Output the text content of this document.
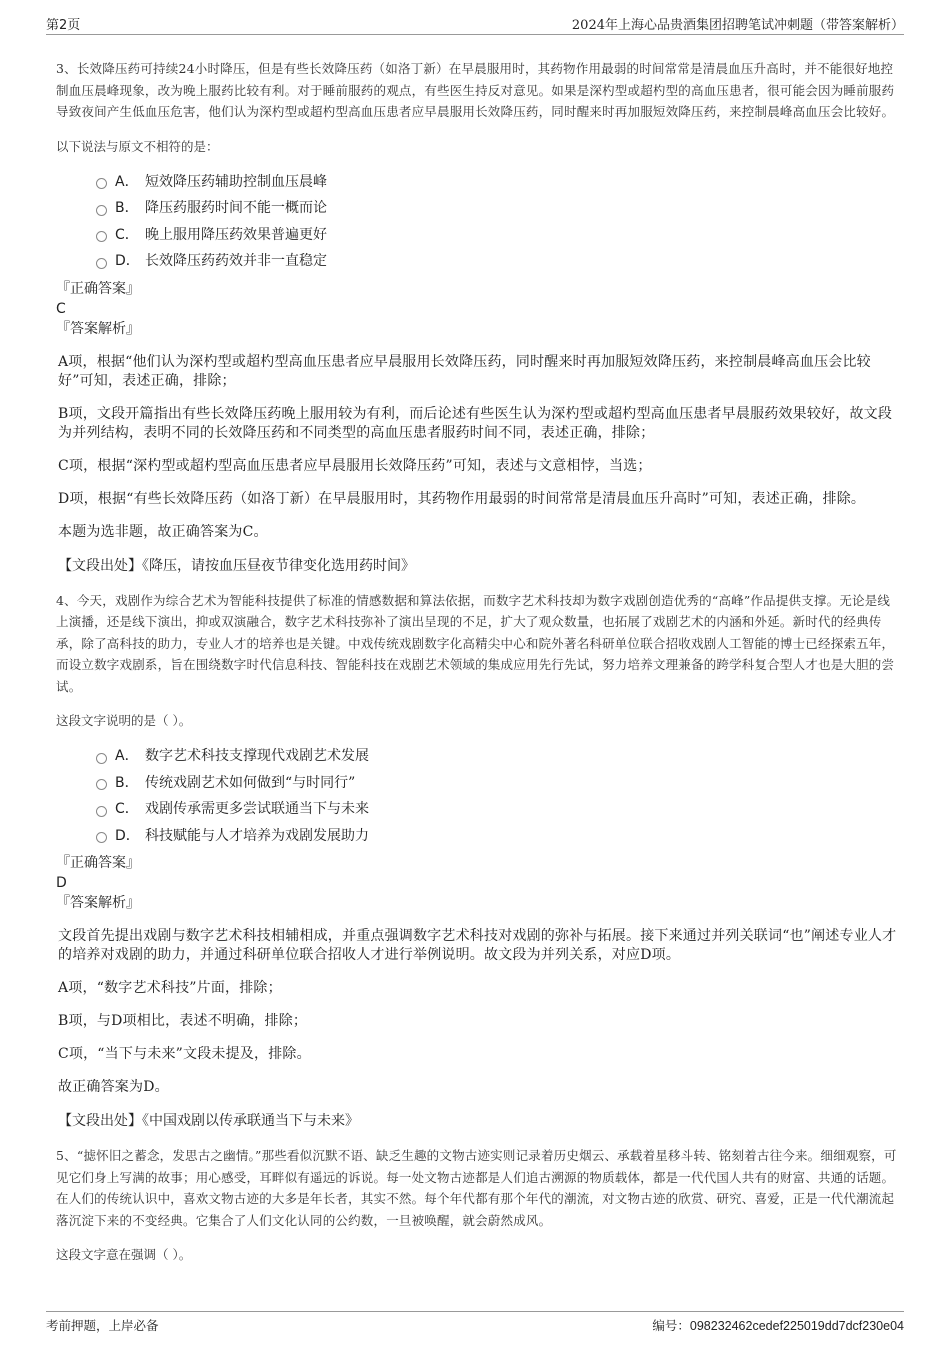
第2页	2024年上海心品贵酒集团招聘笔试冲刺题（带答案解析）

3、长效降压药可持续24小时降压，但是有些长效降压药（如洛丁新）在早晨服用时，其药物作用最弱的时间常常是清晨血压升高时，并不能很好地控制血压晨峰现象，改为晚上服药比较有利。对于睡前服药的观点，有些医生持反对意见。如果是深杓型或超杓型的高血压患者，很可能会因为睡前服药导致夜间产生低血压危害，他们认为深杓型或超杓型高血压患者应早晨服用长效降压药，同时醒来时再加服短效降压药，来控制晨峰高血压会比较好。

以下说法与原文不相符的是：

A． 短效降压药辅助控制血压晨峰
B． 降压药服药时间不能一概而论
C． 晚上服用降压药效果普遍更好
D． 长效降压药药效并非一直稳定

『正确答案』

C

『答案解析』

A项，根据“他们认为深杓型或超杓型高血压患者应早晨服用长效降压药，同时醒来时再加服短效降压药，来控制晨峰高血压会比较好”可知，表述正确，排除；

B项，文段开篇指出有些长效降压药晚上服用较为有利，而后论述有些医生认为深杓型或超杓型高血压患者早晨服药效果较好，故文段为并列结构，表明不同的长效降压药和不同类型的高血压患者服药时间不同，表述正确，排除；

C项，根据“深杓型或超杓型高血压患者应早晨服用长效降压药”可知，表述与文意相悖，当选；

D项，根据“有些长效降压药（如洛丁新）在早晨服用时，其药物作用最弱的时间常常是清晨血压升高时”可知，表述正确，排除。

本题为选非题，故正确答案为C。

【文段出处】《降压，请按血压昼夜节律变化选用药时间》

4、今天，戏剧作为综合艺术为智能科技提供了标准的情感数据和算法依据，而数字艺术科技却为数字戏剧创造优秀的“高峰”作品提供支撑。无论是线上演播，还是线下演出，抑或双演融合，数字艺术科技弥补了演出呈现的不足，扩大了观众数量，也拓展了戏剧艺术的内涵和外延。新时代的经典传承，除了高科技的助力，专业人才的培养也是关键。中戏传统戏剧数字化高精尖中心和院外著名科研单位联合招收戏剧人工智能的博士已经探索五年，而设立数字戏剧系，旨在围绕数字时代信息科技、智能科技在戏剧艺术领域的集成应用先行先试，努力培养文理兼备的跨学科复合型人才也是大胆的尝试。

这段文字说明的是（ ）。

A． 数字艺术科技支撑现代戏剧艺术发展
B． 传统戏剧艺术如何做到“与时同行”
C． 戏剧传承需更多尝试联通当下与未来
D． 科技赋能与人才培养为戏剧发展助力

『正确答案』

D

『答案解析』

文段首先提出戏剧与数字艺术科技相辅相成，并重点强调数字艺术科技对戏剧的弥补与拓展。接下来通过并列关联词“也”阐述专业人才的培养对戏剧的助力，并通过科研单位联合招收人才进行举例说明。故文段为并列关系，对应D项。

A项，“数字艺术科技”片面，排除；

B项，与D项相比，表述不明确，排除；

C项，“当下与未来”文段未提及，排除。

故正确答案为D。

【文段出处】《中国戏剧以传承联通当下与未来》

5、“摅怀旧之蓄念，发思古之幽情。”那些看似沉默不语、缺乏生趣的文物古迹实则记录着历史烟云、承载着星移斗转、铭刻着古往今来。细细观察，可见它们身上写满的故事；用心感受，耳畔似有遥远的诉说。每一处文物古迹都是人们追古溯源的物质载体，都是一代代国人共有的财富、共通的话题。在人们的传统认识中，喜欢文物古迹的大多是年长者，其实不然。每个年代都有那个年代的潮流，对文物古迹的欣赏、研究、喜爱，正是一代代潮流起落沉淀下来的不变经典。它集合了人们文化认同的公约数，一旦被唤醒，就会蔚然成风。

这段文字意在强调（ ）。

考前押题，上岸必备	编号：098232462cedef225019dd7dcf230e04
